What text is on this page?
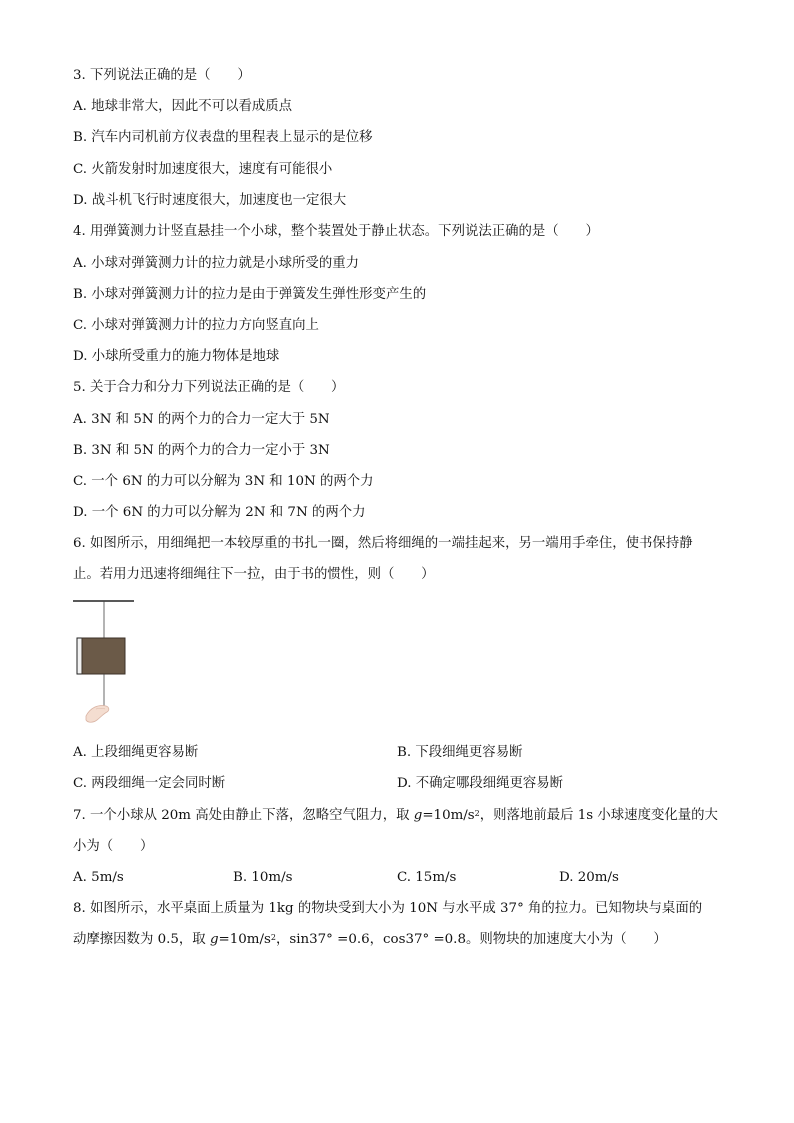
3. 下列说法正确的是（　　）
A. 地球非常大，因此不可以看成质点
B. 汽车内司机前方仪表盘的里程表上显示的是位移
C. 火箭发射时加速度很大，速度有可能很小
D. 战斗机飞行时速度很大，加速度也一定很大
4. 用弹簧测力计竖直悬挂一个小球，整个装置处于静止状态。下列说法正确的是（　　）
A. 小球对弹簧测力计的拉力就是小球所受的重力
B. 小球对弹簧测力计的拉力是由于弹簧发生弹性形变产生的
C. 小球对弹簧测力计的拉力方向竖直向上
D. 小球所受重力的施力物体是地球
5. 关于合力和分力下列说法正确的是（　　）
A. 3N 和 5N 的两个力的合力一定大于 5N
B. 3N 和 5N 的两个力的合力一定小于 3N
C. 一个 6N 的力可以分解为 3N 和 10N 的两个力
D. 一个 6N 的力可以分解为 2N 和 7N 的两个力
6. 如图所示，用细绳把一本较厚重的书扎一圈，然后将细绳的一端挂起来，另一端用手牵住，使书保持静
止。若用力迅速将细绳往下一拉，由于书的惯性，则（　　）
A. 上段细绳更容易断	B. 下段细绳更容易断
C. 两段细绳一定会同时断	D. 不确定哪段细绳更容易断
7. 一个小球从 20m 高处由静止下落，忽略空气阻力，取 $g=10m/s^2$，则落地前最后 1s 小球速度变化量的大
小为（　　）
A. 5m/s	B. 10m/s	C. 15m/s	D. 20m/s
8. 如图所示，水平桌面上质量为 1kg 的物块受到大小为 10N 与水平成 37° 角的拉力。已知物块与桌面的
动摩擦因数为 0.5，取 $g=10m/s^2$，sin37° =0.6，cos37° =0.8。则物块的加速度大小为（　　）
